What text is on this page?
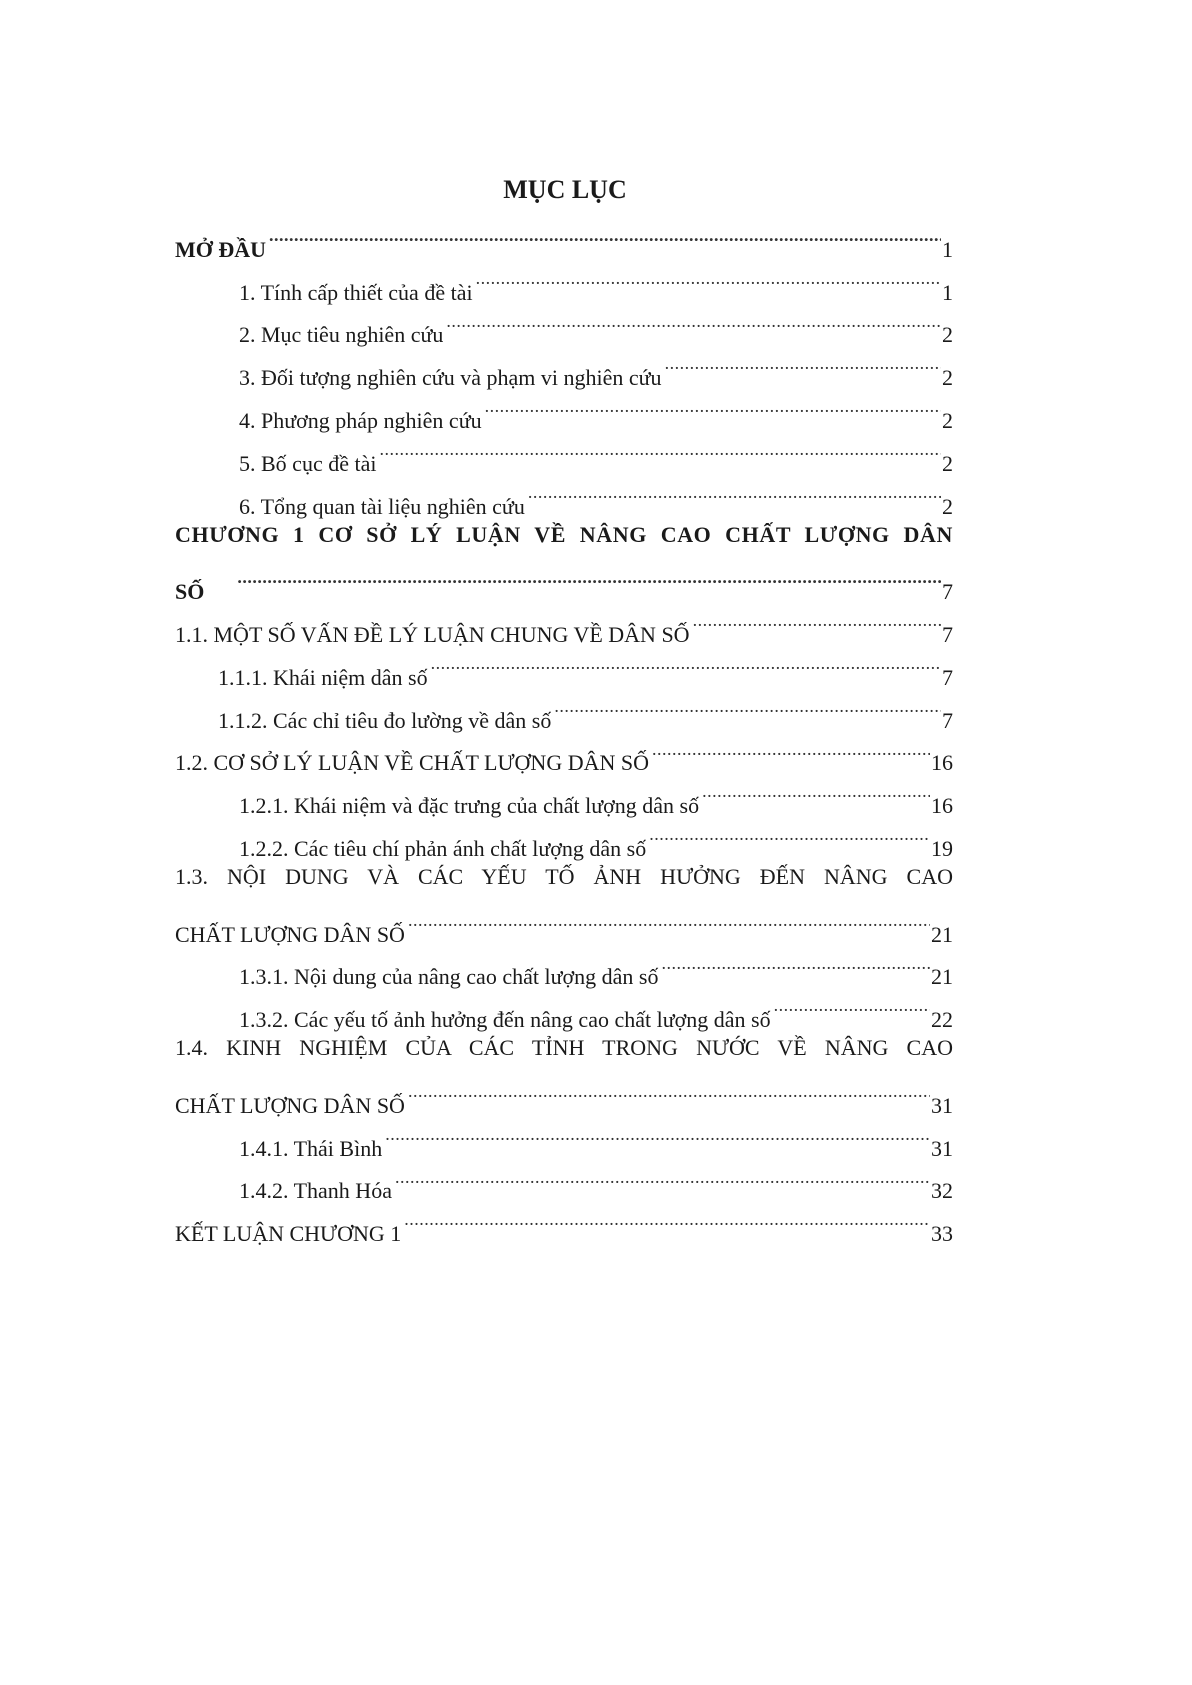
MỤC LỤC
MỞ ĐẦU .....	1
1. Tính cấp thiết của đề tài .....	1
2. Mục tiêu nghiên cứu .....	2
3. Đối tượng nghiên cứu và phạm vi nghiên cứu .....	2
4. Phương pháp nghiên cứu .....	2
5. Bố cục đề tài .....	2
6. Tổng quan tài liệu nghiên cứu .....	2
CHƯƠNG 1 CƠ SỞ LÝ LUẬN VỀ NÂNG CAO CHẤT LƯỢNG DÂN
SỐ .....	7
1.1. MỘT SỐ VẤN ĐỀ LÝ LUẬN CHUNG VỀ DÂN SỐ .....	7
1.1.1. Khái niệm dân số .....	7
1.1.2. Các chỉ tiêu đo lường về dân số .....	7
1.2. CƠ SỞ LÝ LUẬN VỀ CHẤT LƯỢNG DÂN SỐ .....	16
1.2.1. Khái niệm và đặc trưng của chất lượng dân số .....	16
1.2.2. Các tiêu chí phản ánh chất lượng dân số .....	19
1.3. NỘI DUNG VÀ CÁC YẾU TỐ ẢNH HƯỞNG ĐẾN NÂNG CAO
CHẤT LƯỢNG DÂN SỐ .....	21
1.3.1. Nội dung của nâng cao chất lượng dân số .....	21
1.3.2. Các yếu tố ảnh hưởng đến nâng cao chất lượng dân số .....	22
1.4. KINH NGHIỆM CỦA CÁC TỈNH TRONG NƯỚC VỀ NÂNG CAO
CHẤT LƯỢNG DÂN SỐ .....	31
1.4.1. Thái Bình .....	31
1.4.2. Thanh Hóa .....	32
KẾT LUẬN CHƯƠNG 1 .....	33
